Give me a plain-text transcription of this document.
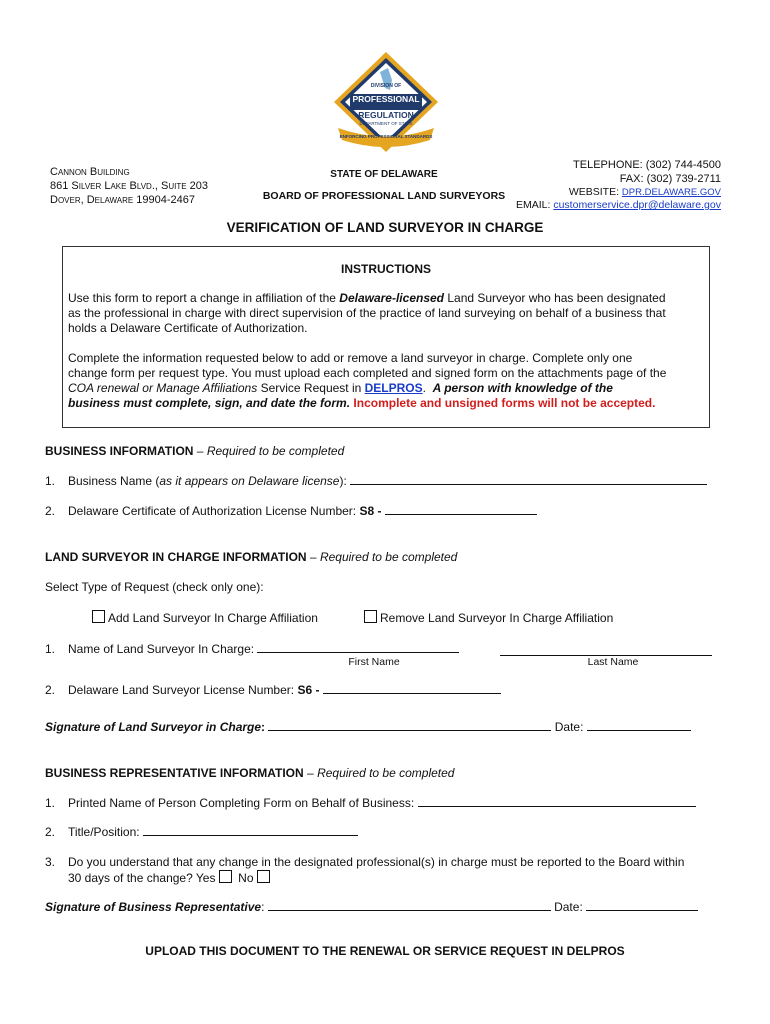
DIVISION OF
PROFESSIONAL
REGULATION
DEPARTMENT OF STATE
ENFORCING PROFESSIONAL STANDARDS
Cannon Building
861 Silver Lake Blvd., Suite 203
Dover, Delaware 19904-2467
STATE OF DELAWARE
BOARD OF PROFESSIONAL LAND SURVEYORS
TELEPHONE: (302) 744-4500
FAX: (302) 739-2711
WEBSITE: DPR.DELAWARE.GOV
EMAIL: customerservice.dpr@delaware.gov
VERIFICATION OF LAND SURVEYOR IN CHARGE
INSTRUCTIONS
Use this form to report a change in affiliation of the Delaware-licensed Land Surveyor who has been designated
as the professional in charge with direct supervision of the practice of land surveying on behalf of a business that
holds a Delaware Certificate of Authorization.
Complete the information requested below to add or remove a land surveyor in charge. Complete only one
change form per request type. You must upload each completed and signed form on the attachments page of the
COA renewal or Manage Affiliations Service Request in DELPROS. A person with knowledge of the
business must complete, sign, and date the form. Incomplete and unsigned forms will not be accepted.
BUSINESS INFORMATION – Required to be completed
1. Business Name (as it appears on Delaware license):
2. Delaware Certificate of Authorization License Number: S8 -
LAND SURVEYOR IN CHARGE INFORMATION – Required to be completed
Select Type of Request (check only one):
Add Land Surveyor In Charge Affiliation	Remove Land Surveyor In Charge Affiliation
1. Name of Land Surveyor In Charge:
First Name	Last Name
2. Delaware Land Surveyor License Number: S6 -
Signature of Land Surveyor in Charge:	Date:
BUSINESS REPRESENTATIVE INFORMATION – Required to be completed
1. Printed Name of Person Completing Form on Behalf of Business:
2. Title/Position:
3. Do you understand that any change in the designated professional(s) in charge must be reported to the Board within
30 days of the change? Yes No
Signature of Business Representative:	Date:
UPLOAD THIS DOCUMENT TO THE RENEWAL OR SERVICE REQUEST IN DELPROS
